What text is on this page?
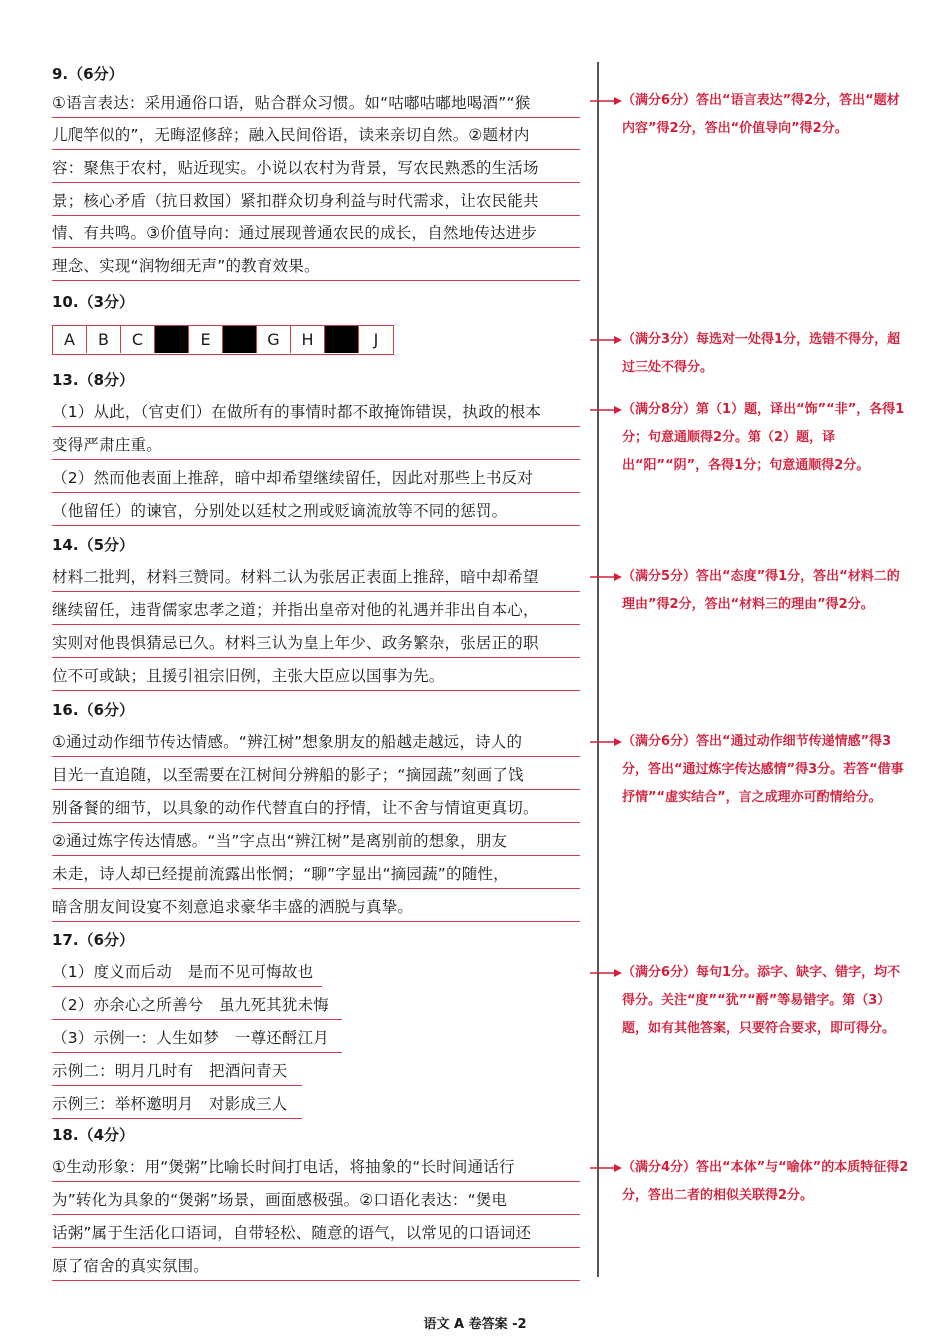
9.（6分）
①语言表达：采用通俗口语，贴合群众习惯。如“咕嘟咕嘟地喝酒”“猴
儿爬竿似的”，无晦涩修辞；融入民间俗语，读来亲切自然。②题材内
容：聚焦于农村，贴近现实。小说以农村为背景，写农民熟悉的生活场
景；核心矛盾（抗日救国）紧扣群众切身利益与时代需求，让农民能共
情、有共鸣。③价值导向：通过展现普通农民的成长，自然地传达进步
理念、实现“润物细无声”的教育效果。
（满分6分）答出“语言表达”得2分，答出“题材内容”得2分，答出“价值导向”得2分。
10.（3分）
A	B	C	E	G	H	J	（满分3分）每选对一处得1分，选错不得分，超过三处不得分。
13.（8分）
（1）从此，（官吏们）在做所有的事情时都不敢掩饰错误，执政的根本
变得严肃庄重。
（2）然而他表面上推辞，暗中却希望继续留任，因此对那些上书反对
（他留任）的谏官，分别处以廷杖之刑或贬谪流放等不同的惩罚。
（满分8分）第（1）题，译出“饰”“非”，各得1分；句意通顺得2分。第（2）题，译出“阳”“阴”，各得1分；句意通顺得2分。
14.（5分）
材料二批判，材料三赞同。材料二认为张居正表面上推辞，暗中却希望
继续留任，违背儒家忠孝之道；并指出皇帝对他的礼遇并非出自本心，
实则对他畏惧猜忌已久。材料三认为皇上年少、政务繁杂，张居正的职
位不可或缺；且援引祖宗旧例，主张大臣应以国事为先。
（满分5分）答出“态度”得1分，答出“材料二的理由”得2分，答出“材料三的理由”得2分。
16.（6分）
①通过动作细节传达情感。“辨江树”想象朋友的船越走越远，诗人的
目光一直追随，以至需要在江树间分辨船的影子；“摘园蔬”刻画了饯
别备餐的细节，以具象的动作代替直白的抒情，让不舍与情谊更真切。
②通过炼字传达情感。“当”字点出“辨江树”是离别前的想象，朋友
未走，诗人却已经提前流露出怅惘；“聊”字显出“摘园蔬”的随性，
暗含朋友间设宴不刻意追求豪华丰盛的洒脱与真挚。
（满分6分）答出“通过动作细节传递情感”得3分，答出“通过炼字传达感情”得3分。若答“借事抒情”“虚实结合”，言之成理亦可酌情给分。
17.（6分）
（1）度义而后动　是而不见可悔故也
（2）亦余心之所善兮　虽九死其犹未悔
（3）示例一：人生如梦　一尊还酹江月
示例二：明月几时有　把酒问青天
示例三：举杯邀明月　对影成三人
（满分6分）每句1分。添字、缺字、错字，均不得分。关注“度”“犹”“酹”等易错字。第（3）题，如有其他答案，只要符合要求，即可得分。
18.（4分）
①生动形象：用“煲粥”比喻长时间打电话，将抽象的“长时间通话行
为”转化为具象的“煲粥”场景，画面感极强。②口语化表达：“煲电
话粥”属于生活化口语词，自带轻松、随意的语气，以常见的口语词还
原了宿舍的真实氛围。
（满分4分）答出“本体”与“喻体”的本质特征得2分，答出二者的相似关联得2分。
语文 A 卷答案 -2
